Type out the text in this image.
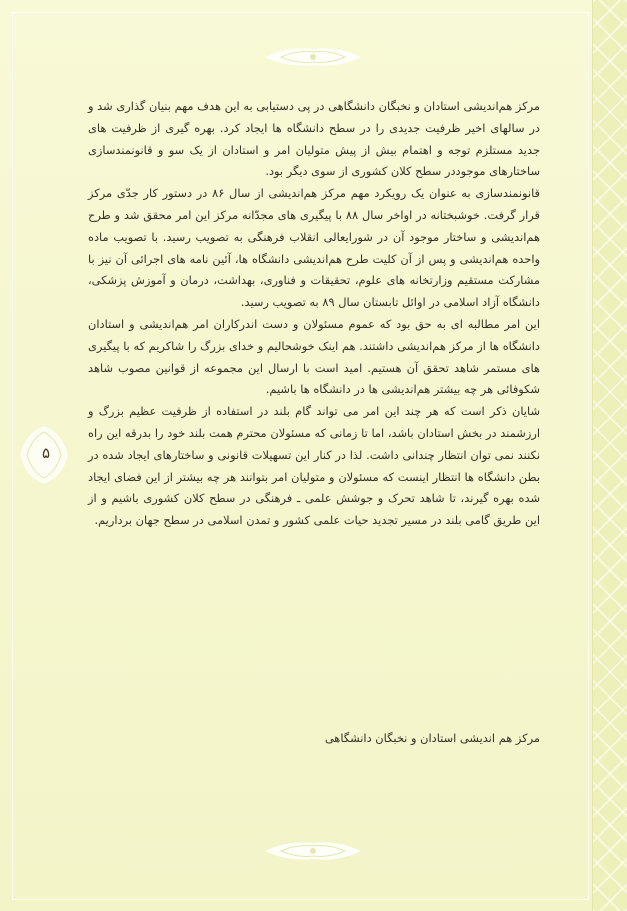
۵

مرکز هم‌اندیشی استادان و نخبگان دانشگاهی در پی دستیابی به این هدف مهم بنیان گذاری شد و در سالهای اخیر ظرفیت جدیدی را در سطح دانشگاه ها ایجاد کرد. بهره گیری از ظرفیت های جدید مستلزم توجه و اهتمام بیش از پیش متولیان امر و استادان از یک سو و قانونمندسازی ساختارهای موجوددر سطح کلان کشوری از سوی دیگر بود.

قانونمندسازی به عنوان یک رویکرد مهم مرکز هم‌اندیشی از سال ۸۶ در دستور کار جدّی مرکز قرار گرفت. خوشبختانه در اواخر سال ۸۸ با پیگیری های مجدّانه مرکز این امر محقق شد و طرح هم‌اندیشی و ساختار موجود آن در شورایعالی انقلاب فرهنگی به تصویب رسید. با تصویب ماده واحده هم‌اندیشی و پس از آن کلیت طرح هم‌اندیشی دانشگاه ها، آئین نامه های اجرائی آن نیز با مشارکت مستقیم وزارتخانه های علوم، تحقیقات و فناوری، بهداشت، درمان و آموزش پزشکی، دانشگاه آزاد اسلامی در اوائل تابستان سال ۸۹ به تصویب رسید.

این امر مطالبه ای به حق بود که عموم مسئولان و دست اندرکاران امر هم‌اندیشی و استادان دانشگاه ها از مرکز هم‌اندیشی داشتند. هم اینک خوشحالیم و خدای بزرگ را شاکریم که با پیگیری های مستمر شاهد تحقق آن هستیم. امید است با ارسال این مجموعه از قوانین مصوب شاهد شکوفائی هر چه بیشتر هم‌اندیشی ها در دانشگاه ها باشیم.

شایان ذکر است که هر چند این امر می تواند گام بلند در استفاده از ظرفیت عظیم بزرگ و ارزشمند در بخش استادان باشد، اما تا زمانی که مسئولان محترم همت بلند خود را بدرقه این راه نکنند نمی توان انتظار چندانی داشت. لذا در کنار این تسهیلات قانونی و ساختارهای ایجاد شده در بطن دانشگاه ها انتظار اینست که مسئولان و متولیان امر بتوانند هر چه بیشتر از این فضای ایجاد شده بهره گیرند، تا شاهد تحرک و جوشش علمی ـ فرهنگی در سطح کلان کشوری باشیم و از این طریق گامی بلند در مسیر تجدید حیات علمی کشور و تمدن اسلامی در سطح جهان برداریم.

مرکز هم اندیشی استادان و نخبگان دانشگاهی
